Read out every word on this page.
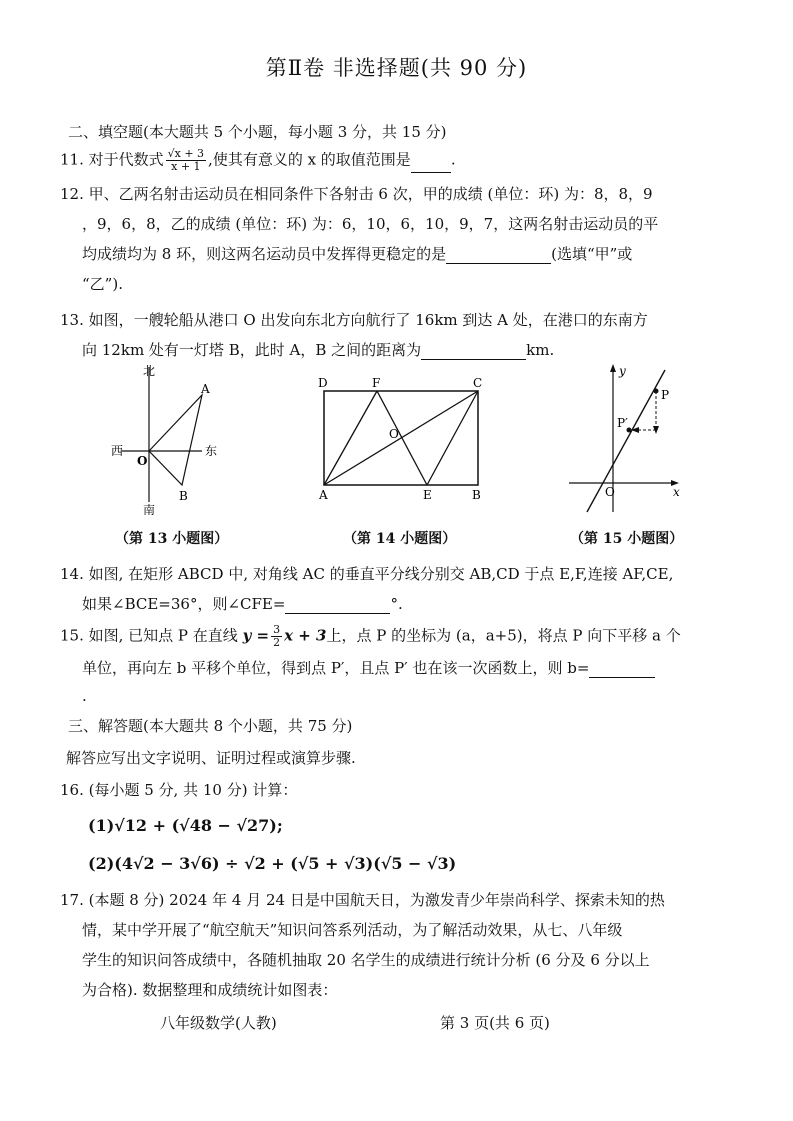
第Ⅱ卷 非选择题(共 90 分)
二、填空题(本大题共 5 个小题，每小题 3 分，共 15 分)
11. 对于代数式 $\frac{√x + 3}{x + 1}$ ,使其有意义的 x 的取值范围是	.
12. 甲、乙两名射击运动员在相同条件下各射击 6 次，甲的成绩 (单位：环) 为：8，8，9
，9，6，8，乙的成绩 (单位：环) 为：6，10，6，10，9，7，这两名射击运动员的平
均成绩均为 8 环，则这两名运动员中发挥得更稳定的是	(选填“甲”或
“乙”).
13. 如图，一艘轮船从港口 O 出发向东北方向航行了 16km 到达 A 处，在港口的东南方
向 12km 处有一灯塔 B，此时 A，B 之间的距离为	km.
北
西	东
南
O
A
B
（第 13 小题图）
D	F	C
O
A	E	B
（第 14 小题图）
y
x
O
P
P′
（第 15 小题图）
14. 如图, 在矩形 ABCD 中, 对角线 AC 的垂直平分线分别交 AB,CD 于点 E,F,连接 AF,CE,
如果∠BCE=36°，则∠CFE=	°.
15. 如图, 已知点 P 在直线 $y = \frac{3}{2}$ x + 3上，点 P 的坐标为 (a，a+5)，将点 P 向下平移 a 个
单位，再向左 b 平移个单位，得到点 P′，且点 P′ 也在该一次函数上，则 b=
.
三、解答题(本大题共 8 个小题，共 75 分)
解答应写出文字说明、证明过程或演算步骤.
16. (每小题 5 分, 共 10 分) 计算：
(1)√12 + (√48 − √27);
(2)(4√2 − 3√6) ÷ √2 + (√5 + √3)(√5 − √3)
17. (本题 8 分) 2024 年 4 月 24 日是中国航天日，为激发青少年崇尚科学、探索未知的热
情，某中学开展了“航空航天”知识问答系列活动，为了解活动效果，从七、八年级
学生的知识问答成绩中，各随机抽取 20 名学生的成绩进行统计分析 (6 分及 6 分以上
为合格). 数据整理和成绩统计如图表：
八年级数学(人教)	第 3 页(共 6 页)
